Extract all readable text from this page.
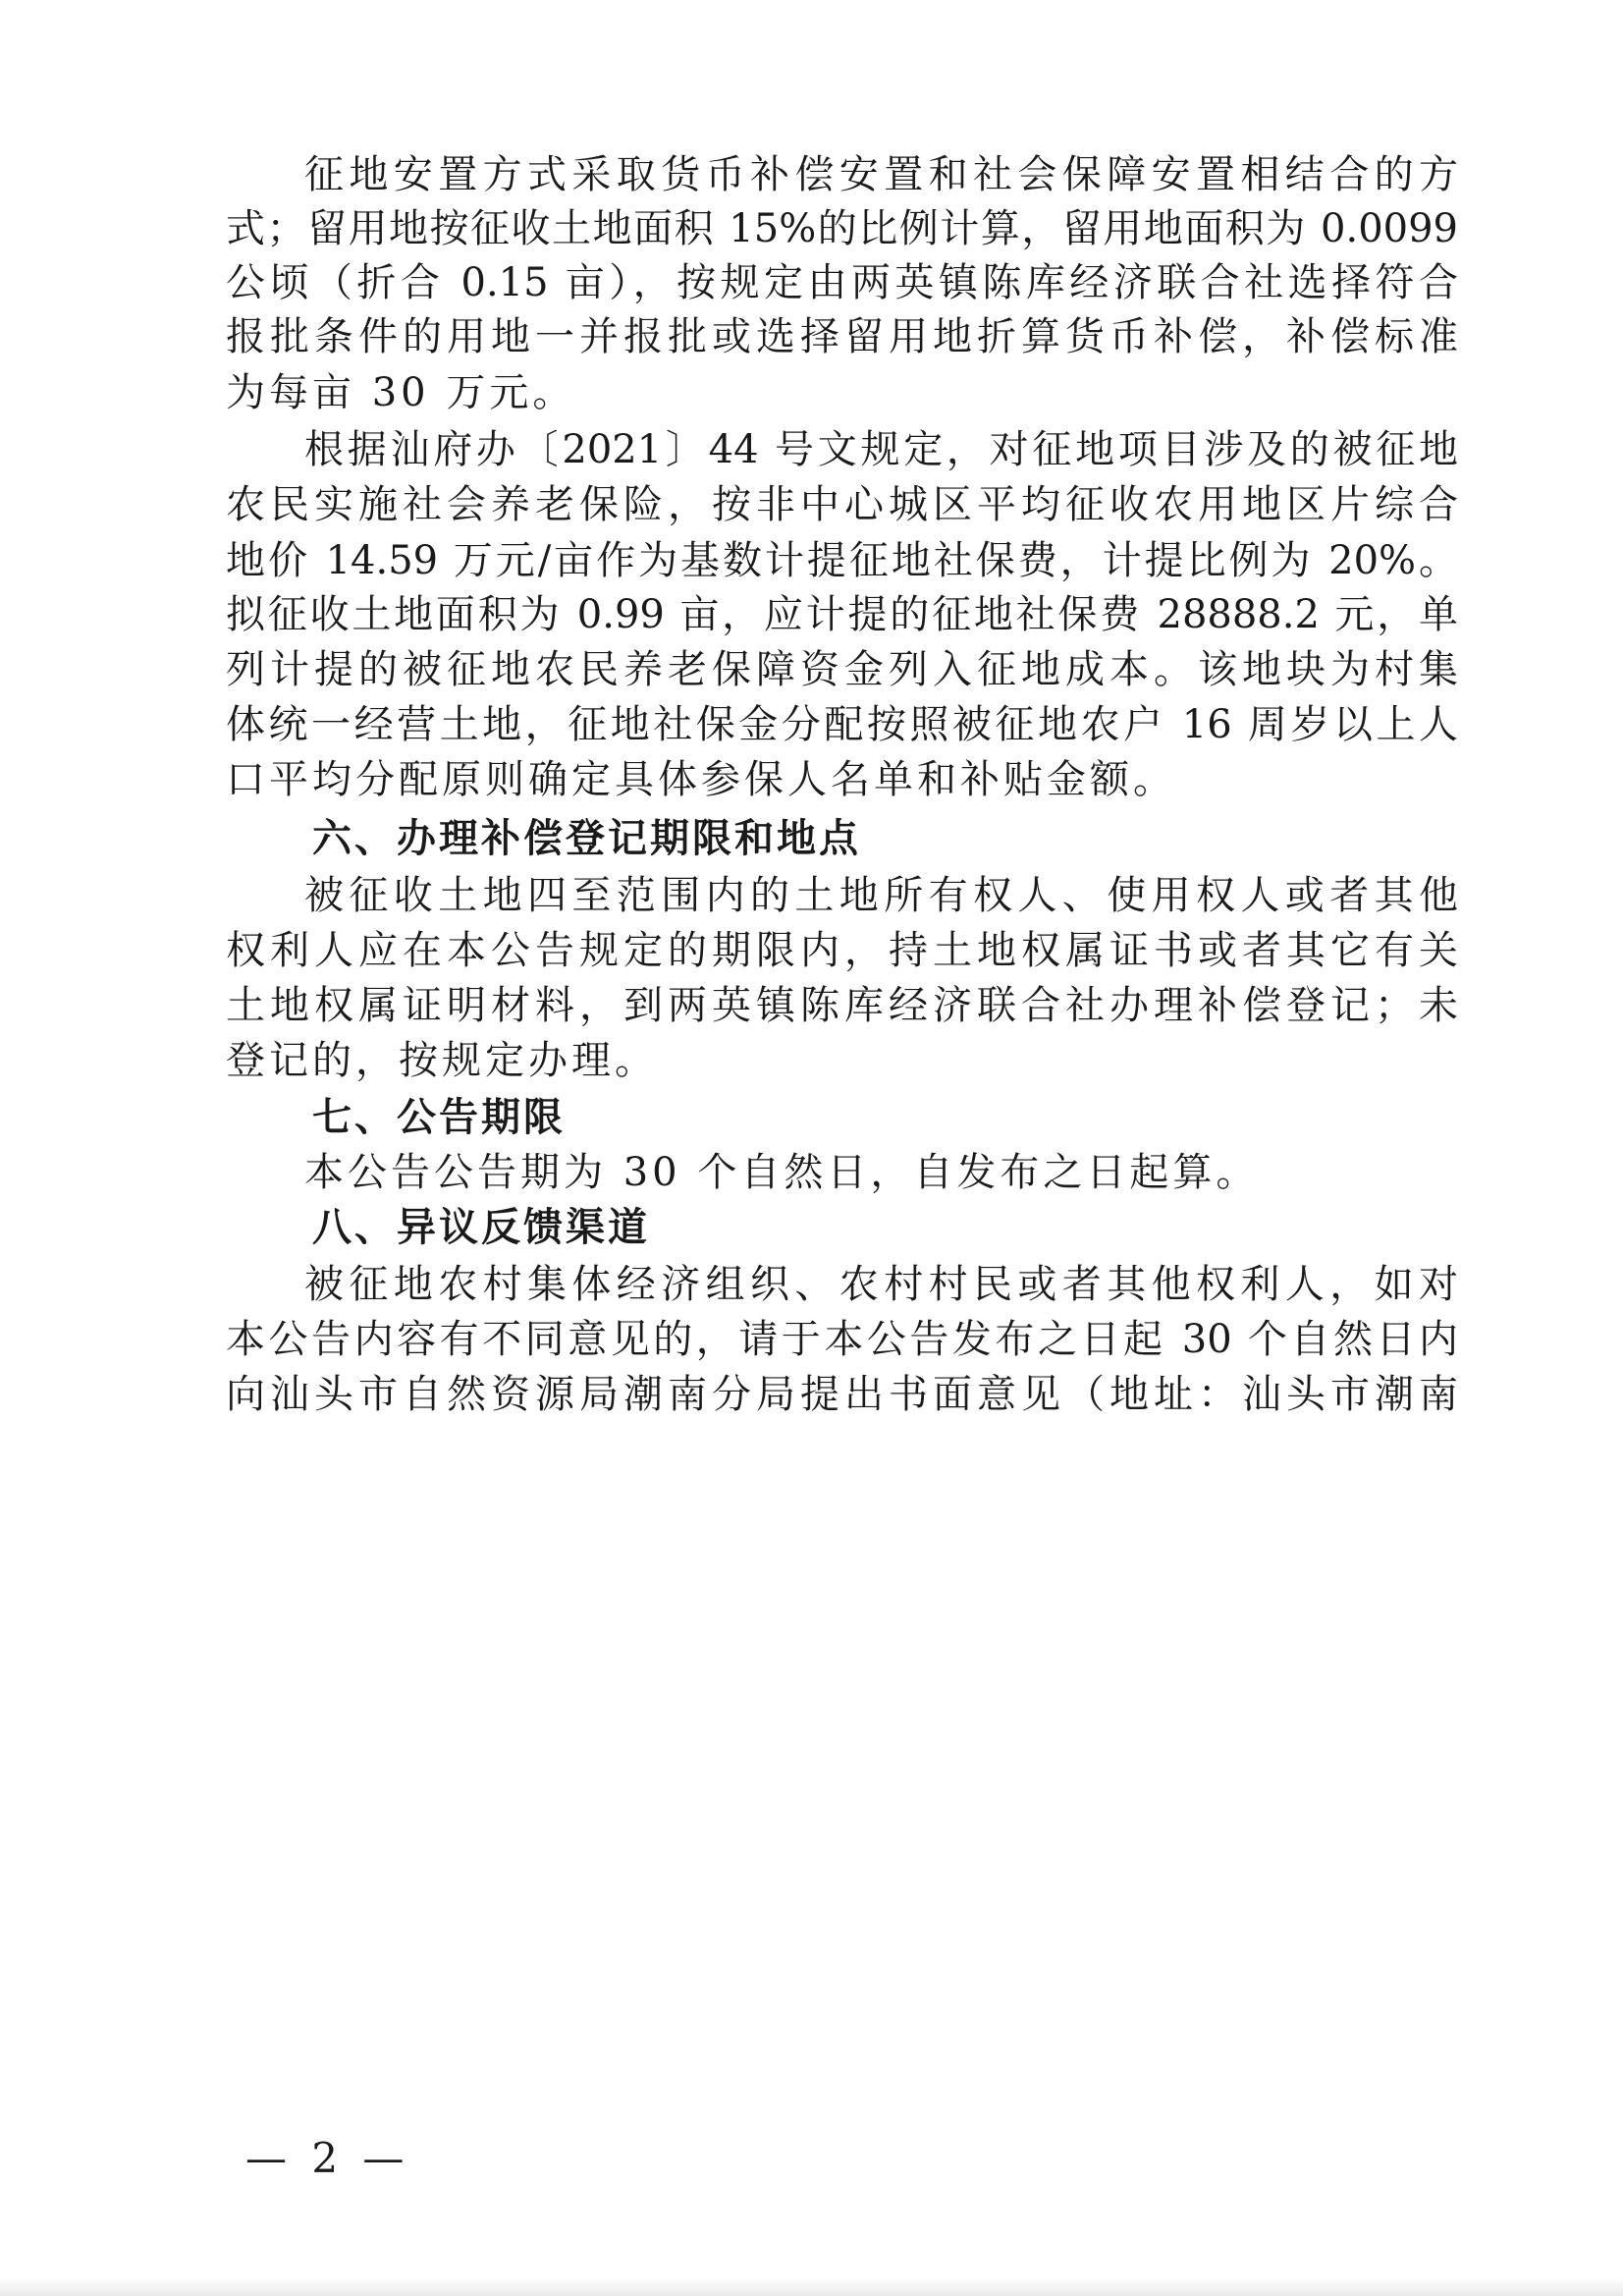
征地安置方式采取货币补偿安置和社会保障安置相结合的方
式；留用地按征收土地面积 15%的比例计算，留用地面积为 0.0099
公顷（折合 0.15 亩），按规定由两英镇陈库经济联合社选择符合
报批条件的用地一并报批或选择留用地折算货币补偿，补偿标准
为每亩 30 万元。
根据汕府办〔2021〕44 号文规定，对征地项目涉及的被征地
农民实施社会养老保险，按非中心城区平均征收农用地区片综合
地价 14.59 万元/亩作为基数计提征地社保费，计提比例为 20%。
拟征收土地面积为 0.99 亩，应计提的征地社保费 28888.2 元，单
列计提的被征地农民养老保障资金列入征地成本。该地块为村集
体统一经营土地，征地社保金分配按照被征地农户 16 周岁以上人
口平均分配原则确定具体参保人名单和补贴金额。
六、办理补偿登记期限和地点
被征收土地四至范围内的土地所有权人、使用权人或者其他
权利人应在本公告规定的期限内，持土地权属证书或者其它有关
土地权属证明材料，到两英镇陈库经济联合社办理补偿登记；未
登记的，按规定办理。
七、公告期限
本公告公告期为 30 个自然日，自发布之日起算。
八、异议反馈渠道
被征地农村集体经济组织、农村村民或者其他权利人，如对
本公告内容有不同意见的，请于本公告发布之日起 30 个自然日内
向汕头市自然资源局潮南分局提出书面意见（地址：汕头市潮南
— 2 —
